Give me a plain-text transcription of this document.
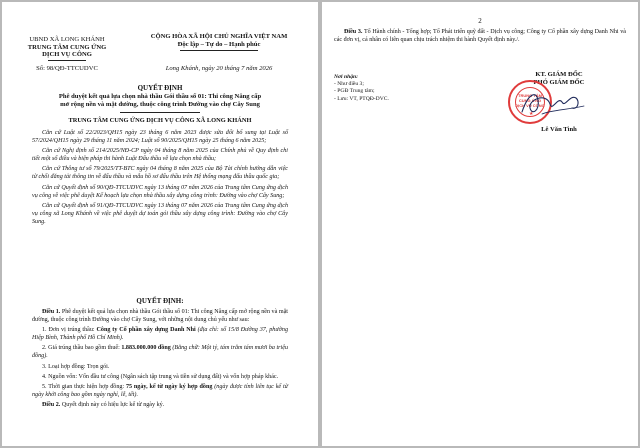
UBND XÃ LONG KHÁNH
TRUNG TÂM CUNG ỨNG
DỊCH VỤ CÔNG
Số: 98/QĐ-TTCUDVC
CỘNG HÒA XÃ HỘI CHỦ NGHĨA VIỆT NAM
Độc lập – Tự do – Hạnh phúc
Long Khánh, ngày 20 tháng 7 năm 2026
QUYẾT ĐỊNH
Phê duyệt kết quả lựa chọn nhà thầu Gói thầu số 01: Thi công Nâng cấp
mở rộng nền và mặt đường, thuộc công trình Đường vào chợ Cây Sung
TRUNG TÂM CUNG ỨNG DỊCH VỤ CÔNG XÃ LONG KHÁNH

Căn cứ Luật số 22/2023/QH15 ngày 23 tháng 6 năm 2023 được sửa đổi bổ sung tại Luật số 57/2024/QH15 ngày 29 tháng 11 năm 2024; Luật số 90/2025/QH15 ngày 25 tháng 6 năm 2025;

Căn cứ Nghị định số 214/2025/NĐ-CP ngày 04 tháng 8 năm 2025 của Chính phủ về Quy định chi tiết một số điều và biện pháp thi hành Luật Đấu thầu về lựa chọn nhà thầu;

Căn cứ Thông tư số 79/2025/TT-BTC ngày 04 tháng 8 năm 2025 của Bộ Tài chính hướng dẫn việc từ chối đăng tải thông tin về đấu thầu và mẫu hồ sơ đấu thầu trên Hệ thống mạng đấu thầu quốc gia;

Căn cứ Quyết định số 90/QĐ-TTCUDVC ngày 13 tháng 07 năm 2026 của Trung tâm Cung ứng dịch vụ công về việc phê duyệt Kế hoạch lựa chọn nhà thầu xây dựng công trình: Đường vào chợ Cây Sung;

Căn cứ Quyết định số 91/QĐ-TTCUDVC ngày 13 tháng 07 năm 2026 của Trung tâm Cung ứng dịch vụ công xã Long Khánh về việc phê duyệt dự toán gói thầu xây dựng công trình: Đường vào chợ Cây Sung.

QUYẾT ĐỊNH:

Điều 1. Phê duyệt kết quả lựa chọn nhà thầu Gói thầu số 01: Thi công Nâng cấp mở rộng nền và mặt đường, thuộc công trình Đường vào chợ Cây Sung, với những nội dung chủ yếu như sau:

1. Đơn vị trúng thầu: Công ty Cổ phần xây dựng Danh Nhi (địa chỉ: số 15/8 Đường 37, phường Hiệp Bình, Thành phố Hồ Chí Minh).

2. Giá trúng thầu bao gồm thuế: 1.883.000.000 đồng (Bằng chữ: Một tỷ, tám trăm tám mươi ba triệu đồng).

3. Loại hợp đồng: Trọn gói.

4. Nguồn vốn: Vốn đầu tư công (Ngân sách tập trung và tiền sử dụng đất) và vốn hợp pháp khác.

5. Thời gian thực hiện hợp đồng: 75 ngày, kể từ ngày ký hợp đồng (ngày được tính liên tục kể từ ngày khởi công bao gồm ngày nghỉ, lễ, tết).

Điều 2. Quyết định này có hiệu lực kể từ ngày ký.

2

Điều 3. Tổ Hành chính - Tổng hợp; Tổ Phát triển quỹ đất - Dịch vụ công; Công ty Cổ phần xây dựng Danh Nhi và các đơn vị, cá nhân có liên quan chịu trách nhiệm thi hành Quyết định này./.

Nơi nhận:
- Như điều 3;
- PGĐ Trung tâm;
- Lưu: VT, PTQĐ-DVC.
KT. GIÁM ĐỐC
PHÓ GIÁM ĐỐC
TRUNG TÂM
CUNG ỨNG
DỊCH VỤ CÔNG
★
Lê Văn Tình
